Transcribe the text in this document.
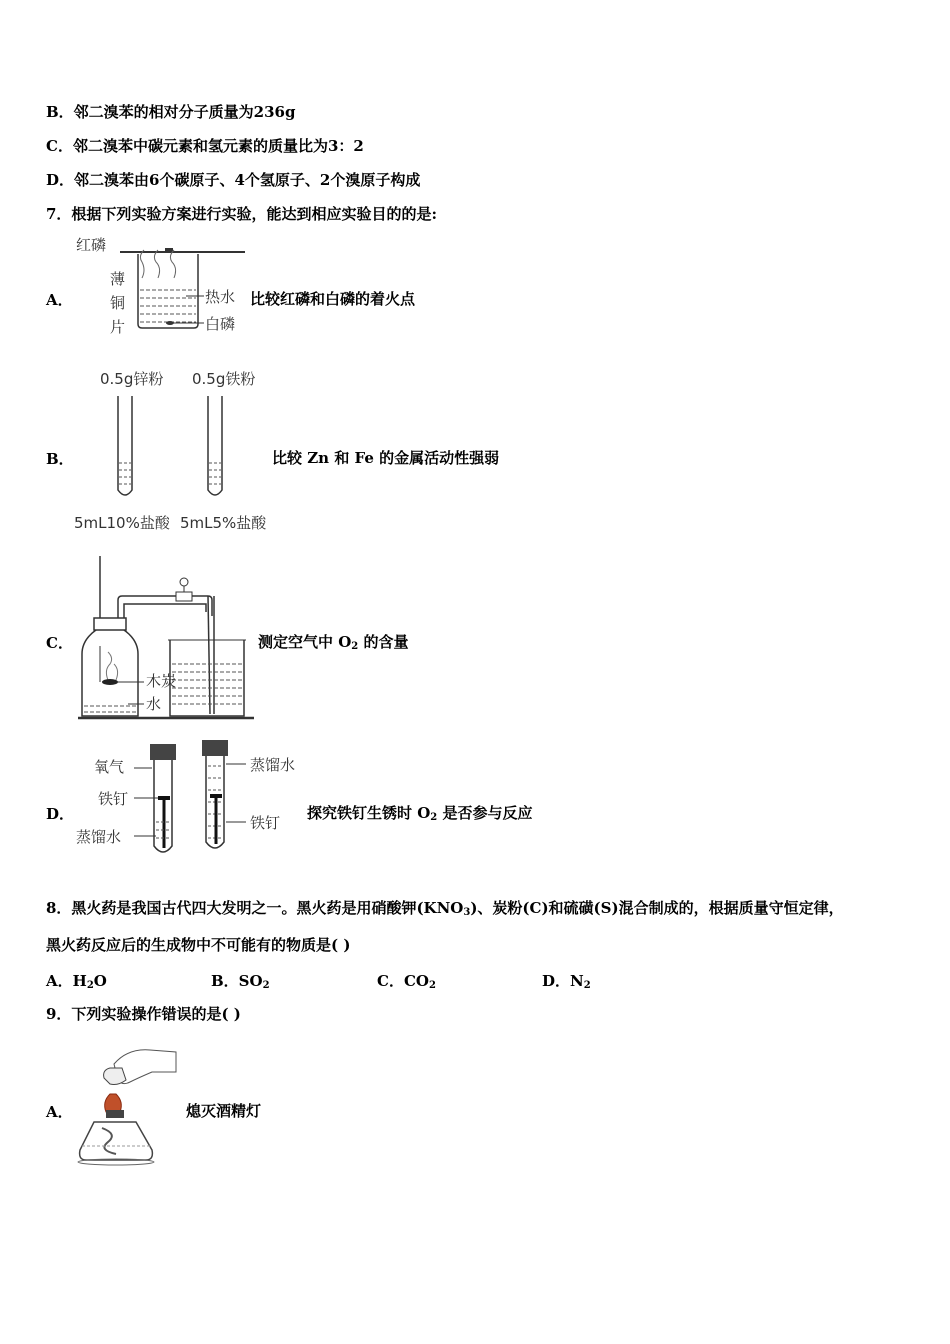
B．邻二溴苯的相对分子质量为236g
C．邻二溴苯中碳元素和氢元素的质量比为3：2
D．邻二溴苯由6个碳原子、4个氢原子、2个溴原子构成
7．根据下列实验方案进行实验，能达到相应实验目的的是:
A．
红磷
薄
铜
片
热水
白磷
比较红磷和白磷的着火点
B．
0.5g锌粉 0.5g铁粉
5mL10%盐酸 5mL5%盐酸
比较 Zn 和 Fe 的金属活动性强弱
C．
木炭
水
测定空气中 $O_2$ 的含量
D．
氧气
铁钉
蒸馏水
蒸馏水
铁钉
探究铁钉生锈时 $O_2$ 是否参与反应
8．黑火药是我国古代四大发明之一。黑火药是用硝酸钾$(KNO_3)$、炭粉(C)和硫磺(S)混合制成的，根据质量守恒定律，
黑火药反应后的生成物中不可能有的物质是( )
A．$H_2O$	B．$SO_2$	C．$CO_2$	D．$N_2$
9．下列实验操作错误的是( )
A．	熄灭酒精灯
